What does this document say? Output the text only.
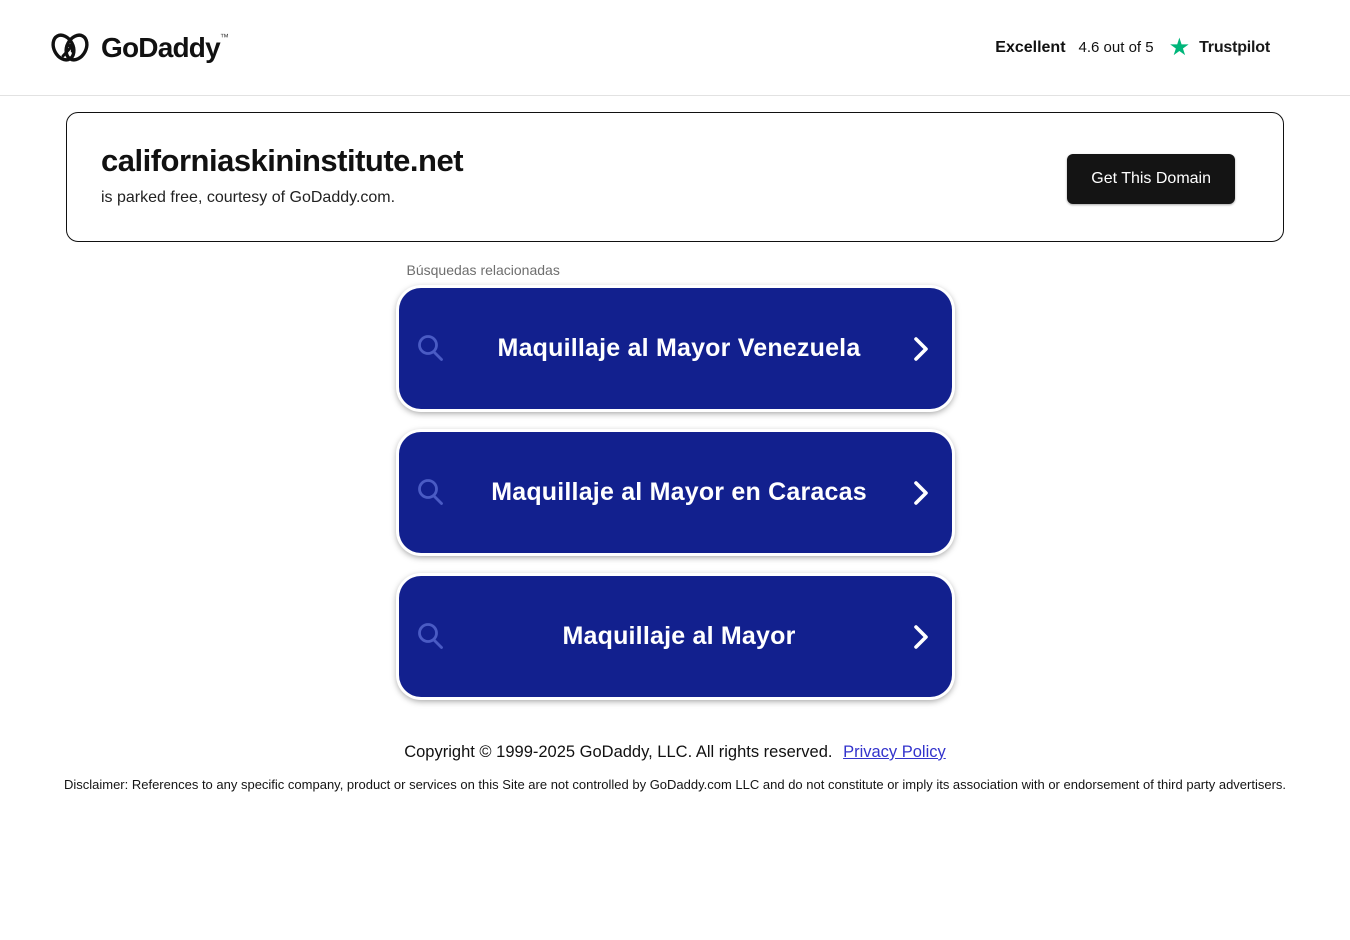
GoDaddy™
Excellent 4.6 out of 5 ★ Trustpilot
californiaskininstitute.net

is parked free, courtesy of GoDaddy.com.

Get This Domain
Búsquedas relacionadas
Maquillaje al Mayor Venezuela
Maquillaje al Mayor en Caracas
Maquillaje al Mayor

Copyright © 1999-2025 GoDaddy, LLC. All rights reserved. Privacy Policy

Disclaimer: References to any specific company, product or services on this Site are not controlled by GoDaddy.com LLC and do not constitute or imply its association with or endorsement of third party advertisers.
